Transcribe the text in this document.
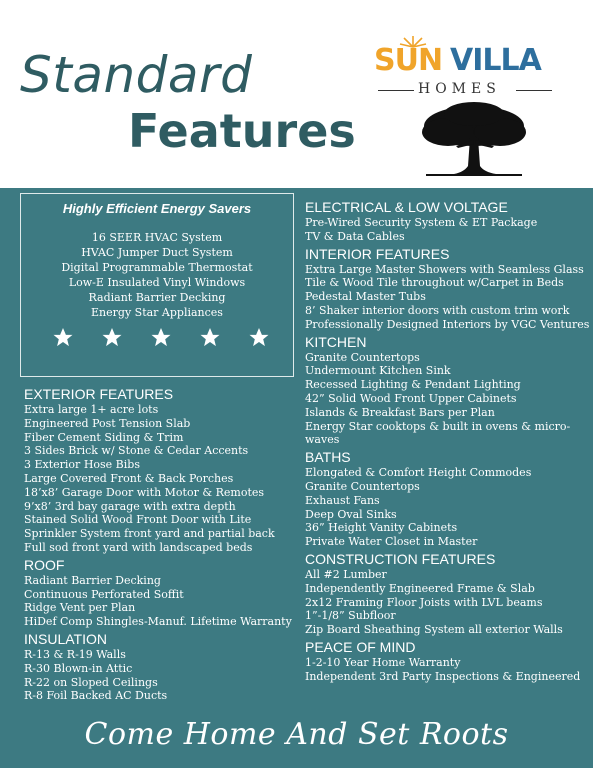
Standard
Features
SUN VILLA
HOMES
Highly Efficient Energy Savers
16 SEER HVAC System
HVAC Jumper Duct System
Digital Programmable Thermostat
Low-E Insulated Vinyl Windows
Radiant Barrier Decking
Energy Star Appliances
EXTERIOR FEATURES
Extra large 1+ acre lots
Engineered Post Tension Slab
Fiber Cement Siding & Trim
3 Sides Brick w/ Stone & Cedar Accents
3 Exterior Hose Bibs
Large Covered Front & Back Porches
18’x8’ Garage Door with Motor & Remotes
9’x8’ 3rd bay garage with extra depth
Stained Solid Wood Front Door with Lite
Sprinkler System front yard and partial back
Full sod front yard with landscaped beds
ROOF
Radiant Barrier Decking
Continuous Perforated Soffit
Ridge Vent per Plan
HiDef Comp Shingles-Manuf. Lifetime Warranty
INSULATION
R-13 & R-19 Walls
R-30 Blown-in Attic
R-22 on Sloped Ceilings
R-8 Foil Backed AC Ducts
ELECTRICAL & LOW VOLTAGE
Pre-Wired Security System & ET Package
TV & Data Cables
INTERIOR FEATURES
Extra Large Master Showers with Seamless Glass
Tile & Wood Tile throughout w/Carpet in Beds
Pedestal Master Tubs
8’ Shaker interior doors with custom trim work
Professionally Designed Interiors by VGC Ventures
KITCHEN
Granite Countertops
Undermount Kitchen Sink
Recessed Lighting & Pendant Lighting
42” Solid Wood Front Upper Cabinets
Islands & Breakfast Bars per Plan
Energy Star cooktops & built in ovens & micro-waves
BATHS
Elongated & Comfort Height Commodes
Granite Countertops
Exhaust Fans
Deep Oval Sinks
36” Height Vanity Cabinets
Private Water Closet in Master
CONSTRUCTION FEATURES
All #2 Lumber
Independently Engineered Frame & Slab
2x12 Framing Floor Joists with LVL beams
1”-1/8” Subfloor
Zip Board Sheathing System all exterior Walls
PEACE OF MIND
1-2-10 Year Home Warranty
Independent 3rd Party Inspections & Engineered
Come Home And Set Roots
